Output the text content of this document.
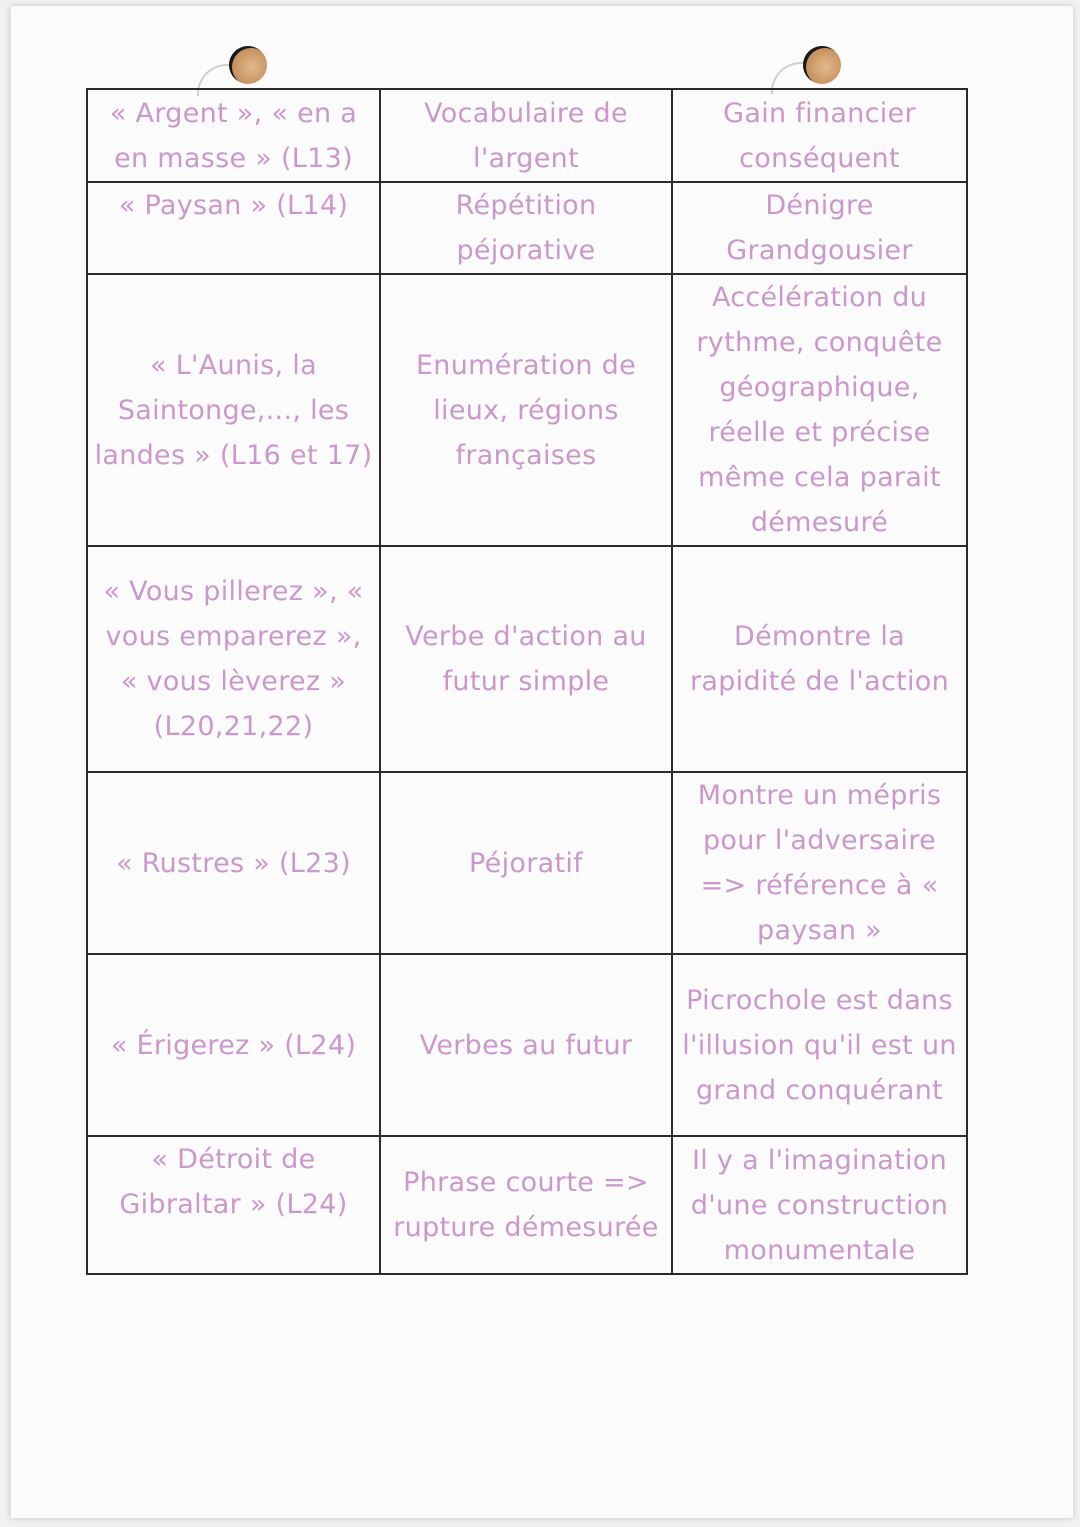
« Argent », « en a en masse » (L13)	Vocabulaire de l'argent	Gain financier conséquent
« Paysan » (L14)	Répétition péjorative	Dénigre Grandgousier
« L'Aunis, la Saintonge,..., les landes » (L16 et 17)	Enumération de lieux, régions françaises	Accélération du rythme, conquête géographique, réelle et précise même cela parait démesuré
« Vous pillerez », « vous emparerez », « vous lèverez » (L20,21,22)	Verbe d'action au futur simple	Démontre la rapidité de l'action
« Rustres » (L23)	Péjoratif	Montre un mépris pour l'adversaire => référence à « paysan »
« Érigerez » (L24)	Verbes au futur	Picrochole est dans l'illusion qu'il est un grand conquérant
« Détroit de Gibraltar » (L24)	Phrase courte => rupture démesurée	Il y a l'imagination d'une construction monumentale
